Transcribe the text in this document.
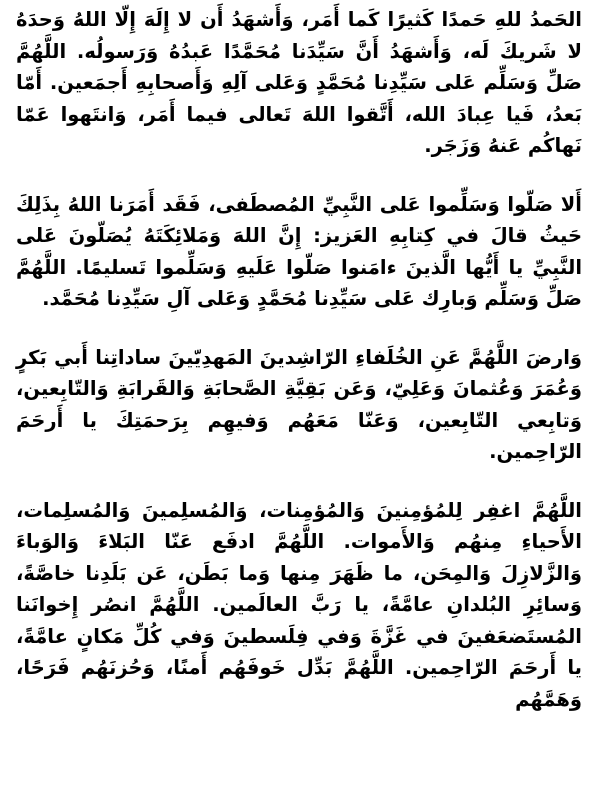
الحَمدُ للهِ حَمدًا كَثيرًا كَما أَمَر، وَأَشهَدُ أَن لا إِلَهَ إِلّا اللهُ وَحدَهُ لا شَريكَ لَه، وَأَشهَدُ أَنَّ سَيِّدَنا مُحَمَّدًا عَبدُهُ وَرَسولُه. اللَّهُمَّ صَلِّ وَسَلِّم عَلى سَيِّدِنا مُحَمَّدٍ وَعَلى آلِهِ وَأَصحابِهِ أَجمَعين. أَمّا بَعدُ، فَيا عِبادَ الله، أَتَّقوا اللهَ تَعالى فيما أَمَر، وَانتَهوا عَمّا نَهاكُم عَنهُ وَزَجَر.

أَلا صَلّوا وَسَلِّموا عَلى النَّبِيِّ المُصطَفى، فَقَد أَمَرَنا اللهُ بِذَلِكَ حَيثُ قالَ في كِتابِهِ العَزيز: إِنَّ اللهَ وَمَلائِكَتَهُ يُصَلّونَ عَلى النَّبِيِّ يا أَيُّها الَّذينَ ءامَنوا صَلّوا عَلَيهِ وَسَلِّموا تَسليمًا. اللَّهُمَّ صَلِّ وَسَلِّم وَبارِك عَلى سَيِّدِنا مُحَمَّدٍ وَعَلى آلِ سَيِّدِنا مُحَمَّد.

وَارضَ اللَّهُمَّ عَنِ الخُلَفاءِ الرّاشِدينَ المَهدِيّينَ ساداتِنا أَبي بَكرٍ وَعُمَرَ وَعُثمانَ وَعَلِيّ، وَعَن بَقِيَّةِ الصَّحابَةِ وَالقَرابَةِ وَالتّابِعين، وَتابِعي التّابِعين، وَعَنّا مَعَهُم وَفيهِم بِرَحمَتِكَ يا أَرحَمَ الرّاحِمين.

اللَّهُمَّ اغفِر لِلمُؤمِنينَ وَالمُؤمِنات، وَالمُسلِمينَ وَالمُسلِمات، الأَحياءِ مِنهُم وَالأَموات. اللَّهُمَّ ادفَع عَنّا البَلاءَ وَالوَباءَ وَالزَّلازِلَ وَالمِحَن، ما ظَهَرَ مِنها وَما بَطَن، عَن بَلَدِنا خاصَّةً، وَسائِرِ البُلدانِ عامَّةً، يا رَبَّ العالَمين. اللَّهُمَّ انصُر إِخوانَنا المُستَضعَفينَ في غَزَّةَ وَفي فِلَسطينَ وَفي كُلِّ مَكانٍ عامَّةً، يا أَرحَمَ الرّاحِمين. اللَّهُمَّ بَدِّل خَوفَهُم أَمنًا، وَحُزنَهُم فَرَحًا، وَهَمَّهُم
